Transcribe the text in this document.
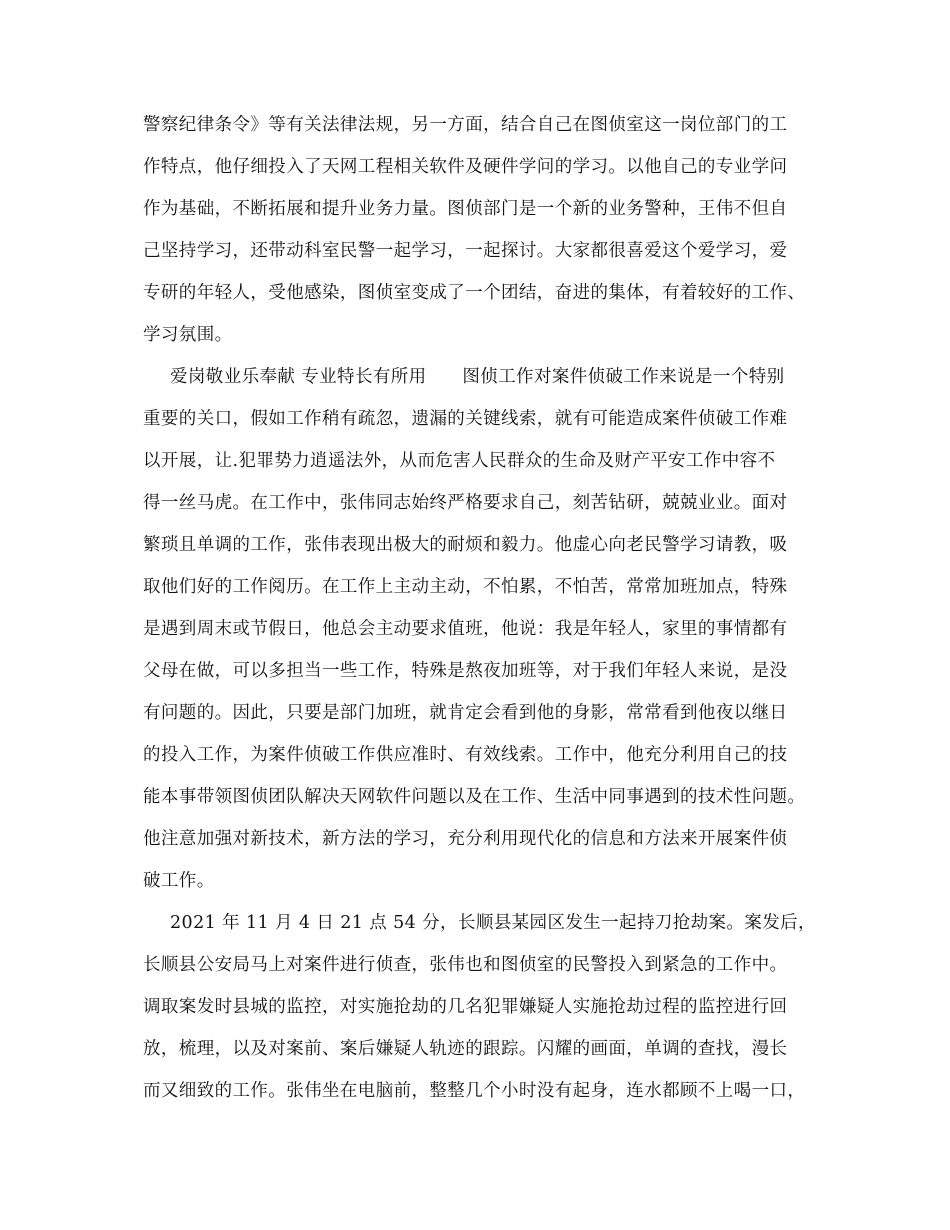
警察纪律条令》等有关法律法规，另一方面，结合自己在图侦室这一岗位部门的工
作特点，他仔细投入了天网工程相关软件及硬件学问的学习。以他自己的专业学问
作为基础，不断拓展和提升业务力量。图侦部门是一个新的业务警种，王伟不但自
己坚持学习，还带动科室民警一起学习，一起探讨。大家都很喜爱这个爱学习，爱
专研的年轻人，受他感染，图侦室变成了一个团结，奋进的集体，有着较好的工作、
学习氛围。
爱岗敬业乐奉献 专业特长有所用　　图侦工作对案件侦破工作来说是一个特别
重要的关口，假如工作稍有疏忽，遗漏的关键线索，就有可能造成案件侦破工作难
以开展，让.犯罪势力逍遥法外，从而危害人民群众的生命及财产平安工作中容不
得一丝马虎。在工作中，张伟同志始终严格要求自己，刻苦钻研，兢兢业业。面对
繁琐且单调的工作，张伟表现出极大的耐烦和毅力。他虚心向老民警学习请教，吸
取他们好的工作阅历。在工作上主动主动，不怕累，不怕苦，常常加班加点，特殊
是遇到周末或节假日，他总会主动要求值班，他说：我是年轻人，家里的事情都有
父母在做，可以多担当一些工作，特殊是熬夜加班等，对于我们年轻人来说，是没
有问题的。因此，只要是部门加班，就肯定会看到他的身影，常常看到他夜以继日
的投入工作，为案件侦破工作供应准时、有效线索。工作中，他充分利用自己的技
能本事带领图侦团队解决天网软件问题以及在工作、生活中同事遇到的技术性问题。
他注意加强对新技术，新方法的学习，充分利用现代化的信息和方法来开展案件侦
破工作。
2021 年 11 月 4 日 21 点 54 分，长顺县某园区发生一起持刀抢劫案。案发后，
长顺县公安局马上对案件进行侦查，张伟也和图侦室的民警投入到紧急的工作中。
调取案发时县城的监控，对实施抢劫的几名犯罪嫌疑人实施抢劫过程的监控进行回
放，梳理，以及对案前、案后嫌疑人轨迹的跟踪。闪耀的画面，单调的查找，漫长
而又细致的工作。张伟坐在电脑前，整整几个小时没有起身，连水都顾不上喝一口，
